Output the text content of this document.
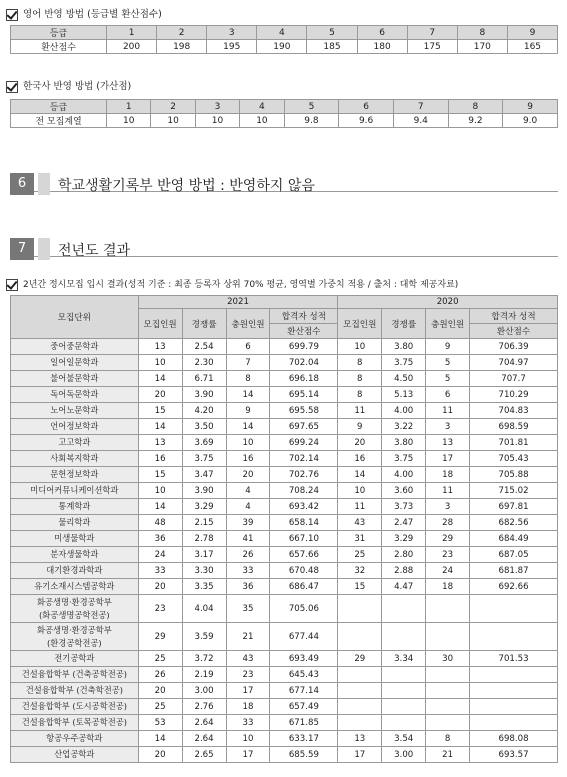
영어 반영 방법 (등급별 환산점수)
등급	1	2	3	4	5	6	7	8	9
환산점수	200	198	195	190	185	180	175	170	165
한국사 반영 방법 (가산점)
등급	1	2	3	4	5	6	7	8	9
전 모집계열	10	10	10	10	9.8	9.6	9.4	9.2	9.0
6	학교생활기록부 반영 방법 : 반영하지 않음
7	전년도 결과
2년간 정시모집 입시 결과(성적 기준 : 최종 등록자 상위 70% 평균, 영역별 가중치 적용 / 출처 : 대학 제공자료)
모집단위	2021				2020			
	모집인원	경쟁률	충원인원	합격자 성적	모집인원	경쟁률	충원인원	합격자 성적
				환산점수				환산점수
중어중문학과	13	2.54	6	699.79	10	3.80	9	706.39
일어일문학과	10	2.30	7	702.04	8	3.75	5	704.97
불어불문학과	14	6.71	8	696.18	8	4.50	5	707.7
독어독문학과	20	3.90	14	695.14	8	5.13	6	710.29
노어노문학과	15	4.20	9	695.58	11	4.00	11	704.83
언어정보학과	14	3.50	14	697.65	9	3.22	3	698.59
고고학과	13	3.69	10	699.24	20	3.80	13	701.81
사회복지학과	16	3.75	16	702.14	16	3.75	17	705.43
문헌정보학과	15	3.47	20	702.76	14	4.00	18	705.88
미디어커뮤니케이션학과	10	3.90	4	708.24	10	3.60	11	715.02
통계학과	14	3.29	4	693.42	11	3.73	3	697.81
물리학과	48	2.15	39	658.14	43	2.47	28	682.56
미생물학과	36	2.78	41	667.10	31	3.29	29	684.49
분자생물학과	24	3.17	26	657.66	25	2.80	23	687.05
대기환경과학과	33	3.30	33	670.48	32	2.88	24	681.87
유기소재시스템공학과	20	3.35	36	686.47	15	4.47	18	692.66
화공생명·환경공학부
(화공생명공학전공)	23	4.04	35	705.06				
화공생명·환경공학부
(환경공학전공)	29	3.59	21	677.44				
전기공학과	25	3.72	43	693.49	29	3.34	30	701.53
건설융합학부 (건축공학전공)	26	2.19	23	645.43				
건설융합학부 (건축학전공)	20	3.00	17	677.14				
건설융합학부 (도시공학전공)	25	2.76	18	657.49				
건설융합학부 (토목공학전공)	53	2.64	33	671.85				
항공우주공학과	14	2.64	10	633.17	13	3.54	8	698.08
산업공학과	20	2.65	17	685.59	17	3.00	21	693.57
